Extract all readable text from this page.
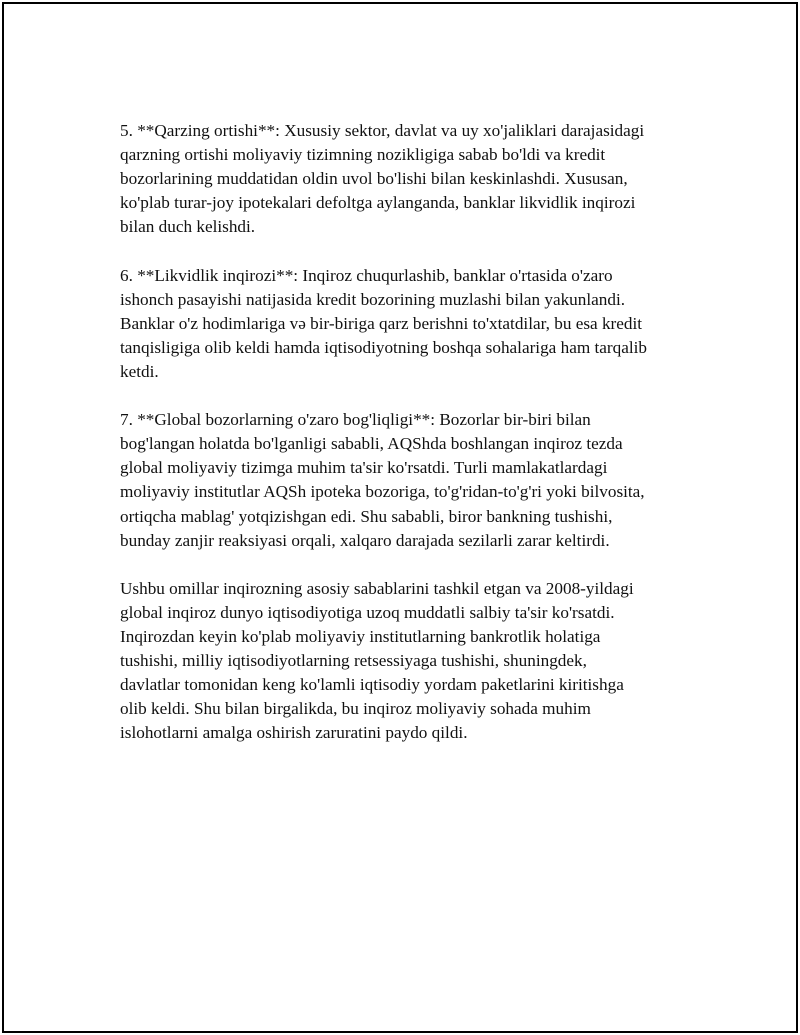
5. **Qarzing ortishi**: Xususiy sektor, davlat va uy xo'jaliklari darajasidagi
qarzning ortishi moliyaviy tizimning nozikligiga sabab bo'ldi va kredit
bozorlarining muddatidan oldin uvol bo'lishi bilan keskinlashdi. Xususan,
ko'plab turar-joy ipotekalari defoltga aylanganda, banklar likvidlik inqirozi
bilan duch kelishdi.

6. **Likvidlik inqirozi**: Inqiroz chuqurlashib, banklar o'rtasida o'zaro
ishonch pasayishi natijasida kredit bozorining muzlashi bilan yakunlandi.
Banklar o'z hodimlariga və bir-biriga qarz berishni to'xtatdilar, bu esa kredit
tanqisligiga olib keldi hamda iqtisodiyotning boshqa sohalariga ham tarqalib
ketdi.

7. **Global bozorlarning o'zaro bog'liqligi**: Bozorlar bir-biri bilan
bog'langan holatda bo'lganligi sababli, AQShda boshlangan inqiroz tezda
global moliyaviy tizimga muhim ta'sir ko'rsatdi. Turli mamlakatlardagi
moliyaviy institutlar AQSh ipoteka bozoriga, to'g'ridan-to'g'ri yoki bilvosita,
ortiqcha mablag' yotqizishgan edi. Shu sababli, biror bankning tushishi,
bunday zanjir reaksiyasi orqali, xalqaro darajada sezilarli zarar keltirdi.

Ushbu omillar inqirozning asosiy sabablarini tashkil etgan va 2008-yildagi
global inqiroz dunyo iqtisodiyotiga uzoq muddatli salbiy ta'sir ko'rsatdi.
Inqirozdan keyin ko'plab moliyaviy institutlarning bankrotlik holatiga
tushishi, milliy iqtisodiyotlarning retsessiyaga tushishi, shuningdek,
davlatlar tomonidan keng ko'lamli iqtisodiy yordam paketlarini kiritishga
olib keldi. Shu bilan birgalikda, bu inqiroz moliyaviy sohada muhim
islohotlarni amalga oshirish zaruratini paydo qildi.
